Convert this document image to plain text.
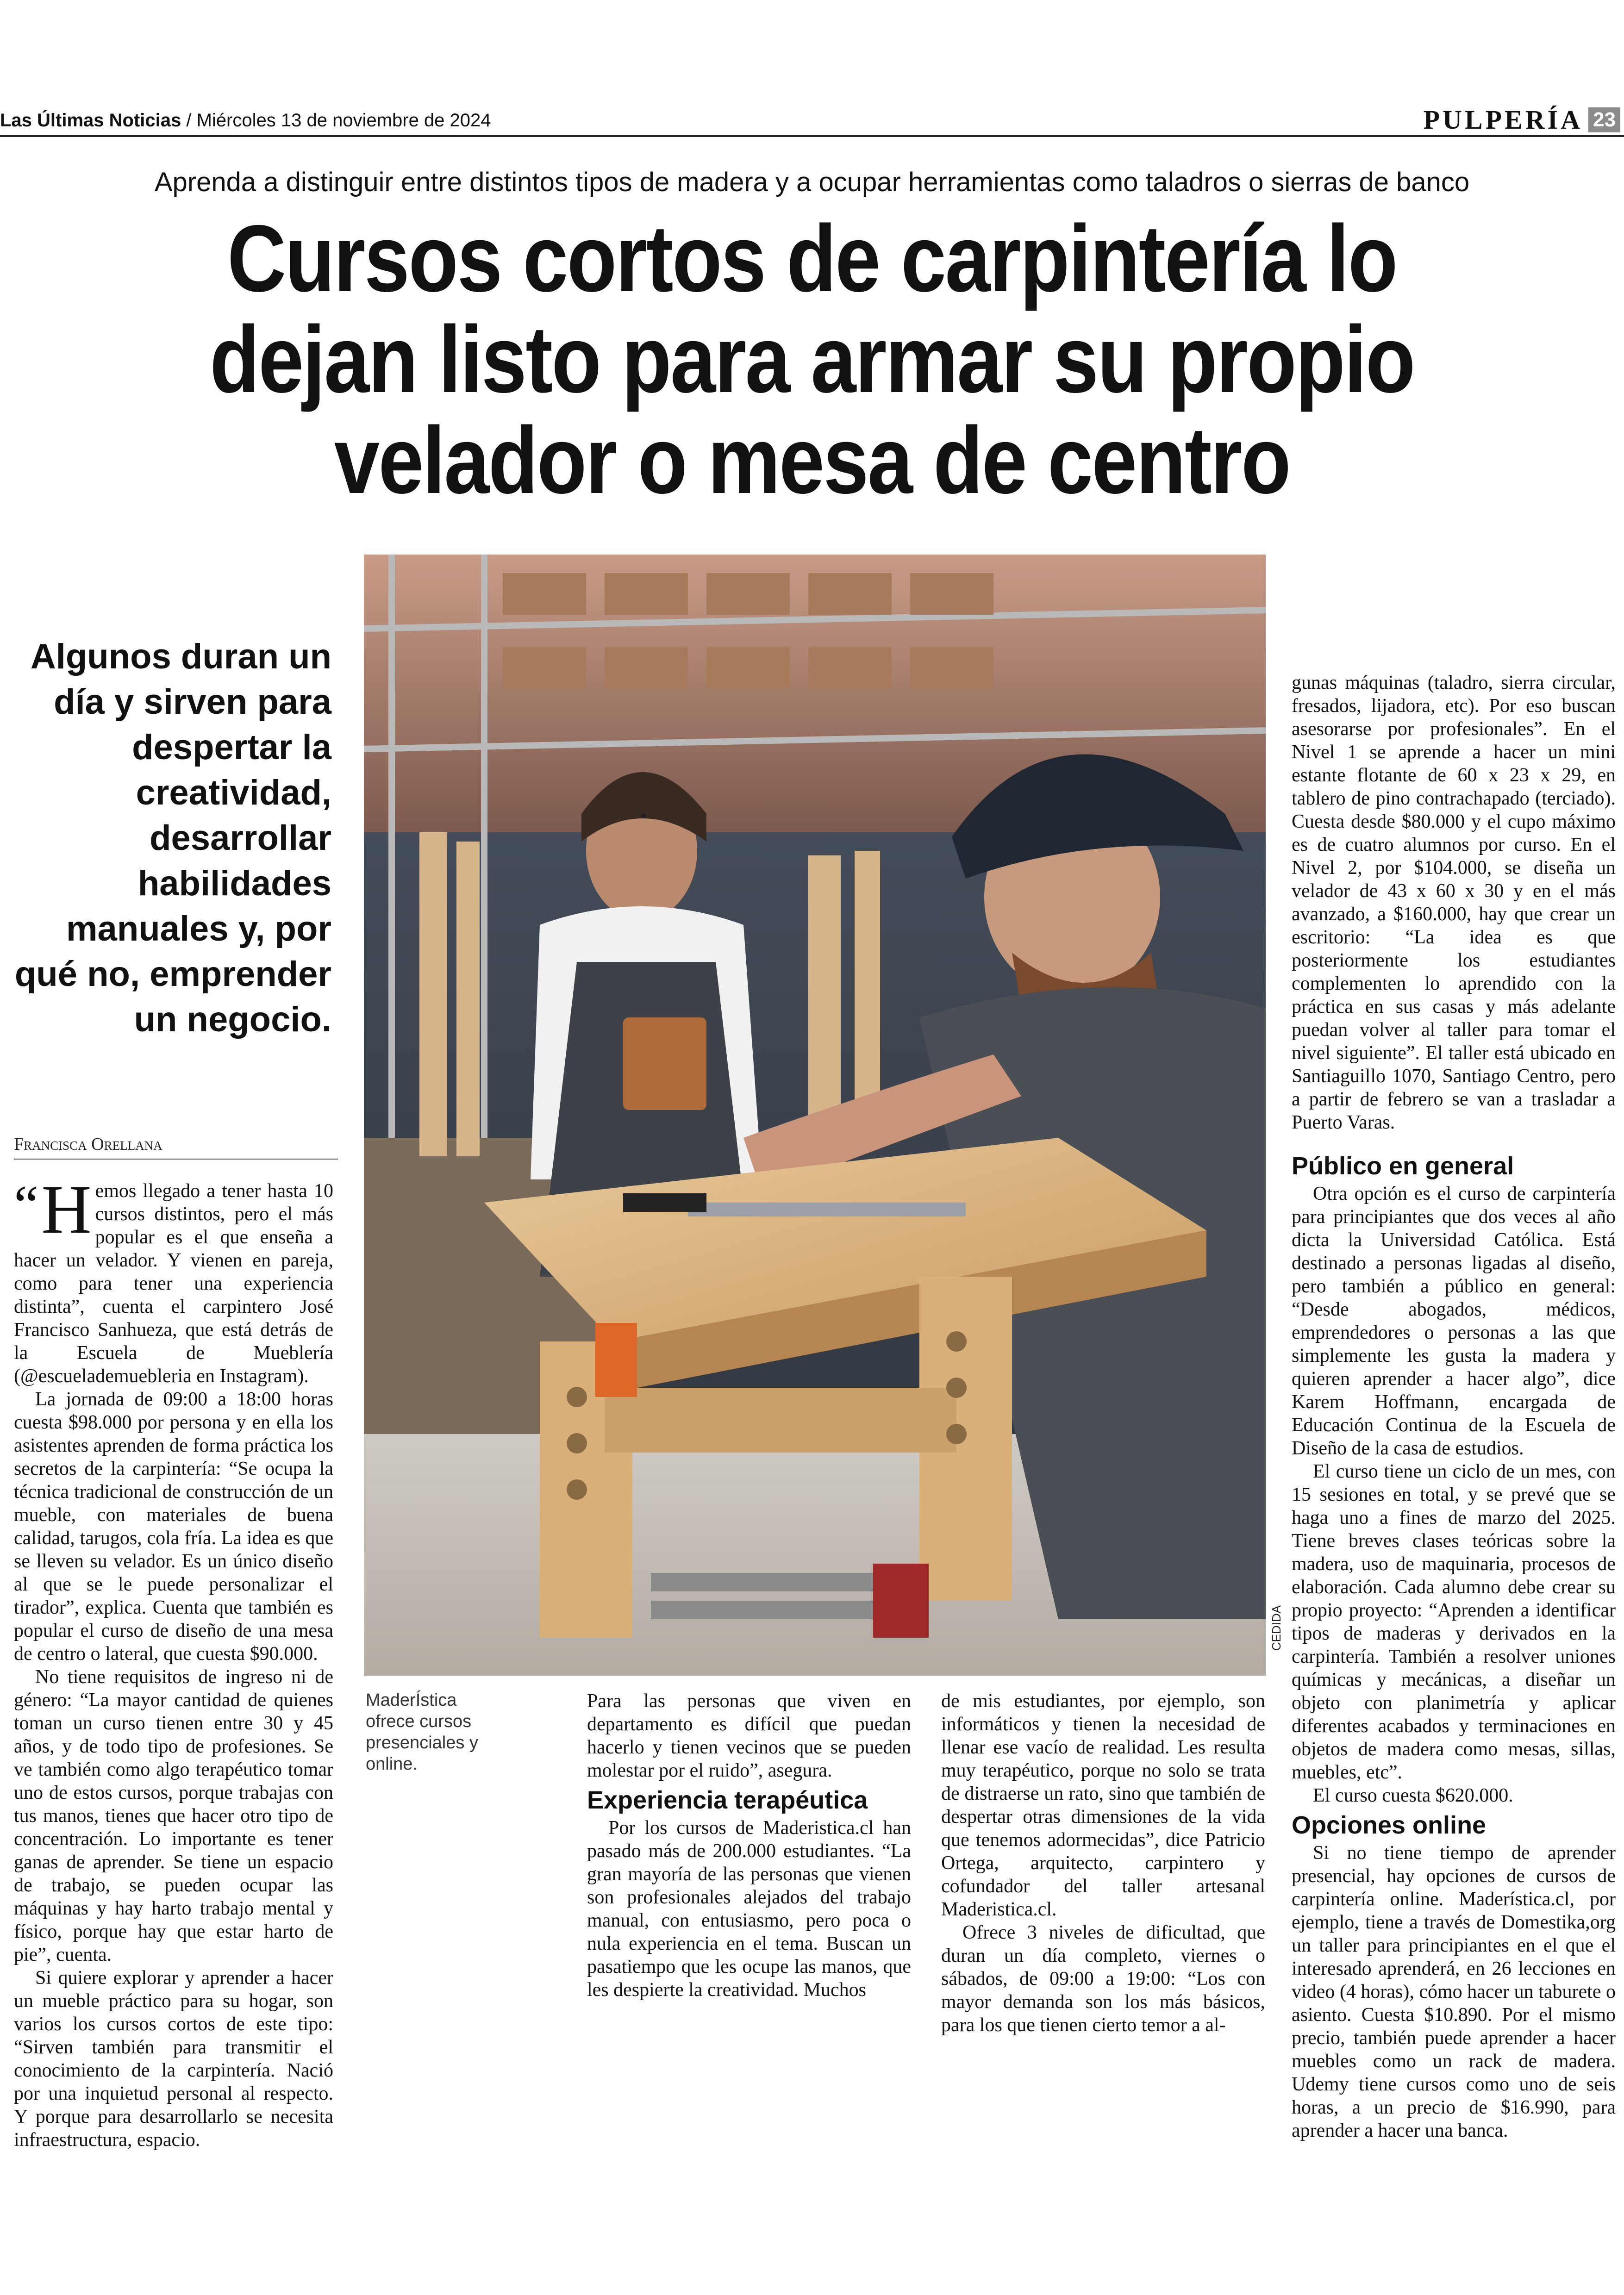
Las Últimas Noticias / Miércoles 13 de noviembre de 2024	PULPERÍA 23
Aprenda a distinguir entre distintos tipos de madera y a ocupar herramientas como taladros o sierras de banco
Cursos cortos de carpintería lo dejan listo para armar su propio velador o mesa de centro
Algunos duran un día y sirven para despertar la creatividad, desarrollar habilidades manuales y, por qué no, emprender un negocio.
CEDIDA

gunas máquinas (taladro, sierra circular, fresados, lijadora, etc). Por eso buscan asesorarse por profesionales”. En el Nivel 1 se aprende a hacer un mini estante flotante de 60 x 23 x 29, en tablero de pino contrachapado (terciado). Cuesta desde $80.000 y el cupo máximo es de cuatro alumnos por curso. En el Nivel 2, por $104.000, se diseña un velador de 43 x 60 x 30 y en el más avanzado, a $160.000, hay que crear un escritorio: “La idea es que posteriormente los estudiantes complementen lo aprendido con la práctica en sus casas y más adelante puedan volver al taller para tomar el nivel siguiente”. El taller está ubicado en Santiaguillo 1070, Santiago Centro, pero a partir de febrero se van a trasladar a Puerto Varas.

Francisca Orellana

“ H emos llegado a tener hasta 10 cursos distintos, pero el más popular es el que enseña a hacer un velador. Y vienen en pareja, como para tener una experiencia distinta”, cuenta el carpintero José Francisco Sanhueza, que está detrás de la Escuela de Mueblería (@escuelademuebleria en Instagram).

La jornada de 09:00 a 18:00 horas cuesta $98.000 por persona y en ella los asistentes aprenden de forma práctica los secretos de la carpintería: “Se ocupa la técnica tradicional de construcción de un mueble, con materiales de buena calidad, tarugos, cola fría. La idea es que se lleven su velador. Es un único diseño al que se le puede personalizar el tirador”, explica. Cuenta que también es popular el curso de diseño de una mesa de centro o lateral, que cuesta $90.000.

No tiene requisitos de ingreso ni de género: “La mayor cantidad de quienes toman un curso tienen entre 30 y 45 años, y de todo tipo de profesiones. Se ve también como algo terapéutico tomar uno de estos cursos, porque trabajas con tus manos, tienes que hacer otro tipo de concentración. Lo importante es tener ganas de aprender. Se tiene un espacio de trabajo, se pueden ocupar las máquinas y hay harto trabajo mental y físico, porque hay que estar harto de pie”, cuenta.

Si quiere explorar y aprender a hacer un mueble práctico para su hogar, son varios los cursos cortos de este tipo: “Sirven también para transmitir el conocimiento de la carpintería. Nació por una inquietud personal al respecto. Y porque para desarrollarlo se necesita infraestructura, espacio.

MaderÍstica ofrece cursos presenciales y online.

Para las personas que viven en departamento es difícil que puedan hacerlo y tienen vecinos que se pueden molestar por el ruido”, asegura.

Experiencia terapéutica

Por los cursos de Maderistica.cl han pasado más de 200.000 estudiantes. “La gran mayoría de las personas que vienen son profesionales alejados del trabajo manual, con entusiasmo, pero poca o nula experiencia en el tema. Buscan un pasatiempo que les ocupe las manos, que les despierte la creatividad. Muchos

de mis estudiantes, por ejemplo, son informáticos y tienen la necesidad de llenar ese vacío de realidad. Les resulta muy terapéutico, porque no solo se trata de distraerse un rato, sino que también de despertar otras dimensiones de la vida que tenemos adormecidas”, dice Patricio Ortega, arquitecto, carpintero y cofundador del taller artesanal Maderistica.cl.

Ofrece 3 niveles de dificultad, que duran un día completo, viernes o sábados, de 09:00 a 19:00: “Los con mayor demanda son los más básicos, para los que tienen cierto temor a al-

Público en general

Otra opción es el curso de carpintería para principiantes que dos veces al año dicta la Universidad Católica. Está destinado a personas ligadas al diseño, pero también a público en general: “Desde abogados, médicos, emprendedores o personas a las que simplemente les gusta la madera y quieren aprender a hacer algo”, dice Karem Hoffmann, encargada de Educación Continua de la Escuela de Diseño de la casa de estudios.

El curso tiene un ciclo de un mes, con 15 sesiones en total, y se prevé que se haga uno a fines de marzo del 2025. Tiene breves clases teóricas sobre la madera, uso de maquinaria, procesos de elaboración. Cada alumno debe crear su propio proyecto: “Aprenden a identificar tipos de maderas y derivados en la carpintería. También a resolver uniones químicas y mecánicas, a diseñar un objeto con planimetría y aplicar diferentes acabados y terminaciones en objetos de madera como mesas, sillas, muebles, etc”.

El curso cuesta $620.000.

Opciones online

Si no tiene tiempo de aprender presencial, hay opciones de cursos de carpintería online. Maderística.cl, por ejemplo, tiene a través de Domestika,org un taller para principiantes en el que el interesado aprenderá, en 26 lecciones en video (4 horas), cómo hacer un taburete o asiento. Cuesta $10.890. Por el mismo precio, también puede aprender a hacer muebles como un rack de madera. Udemy tiene cursos como uno de seis horas, a un precio de $16.990, para aprender a hacer una banca.
